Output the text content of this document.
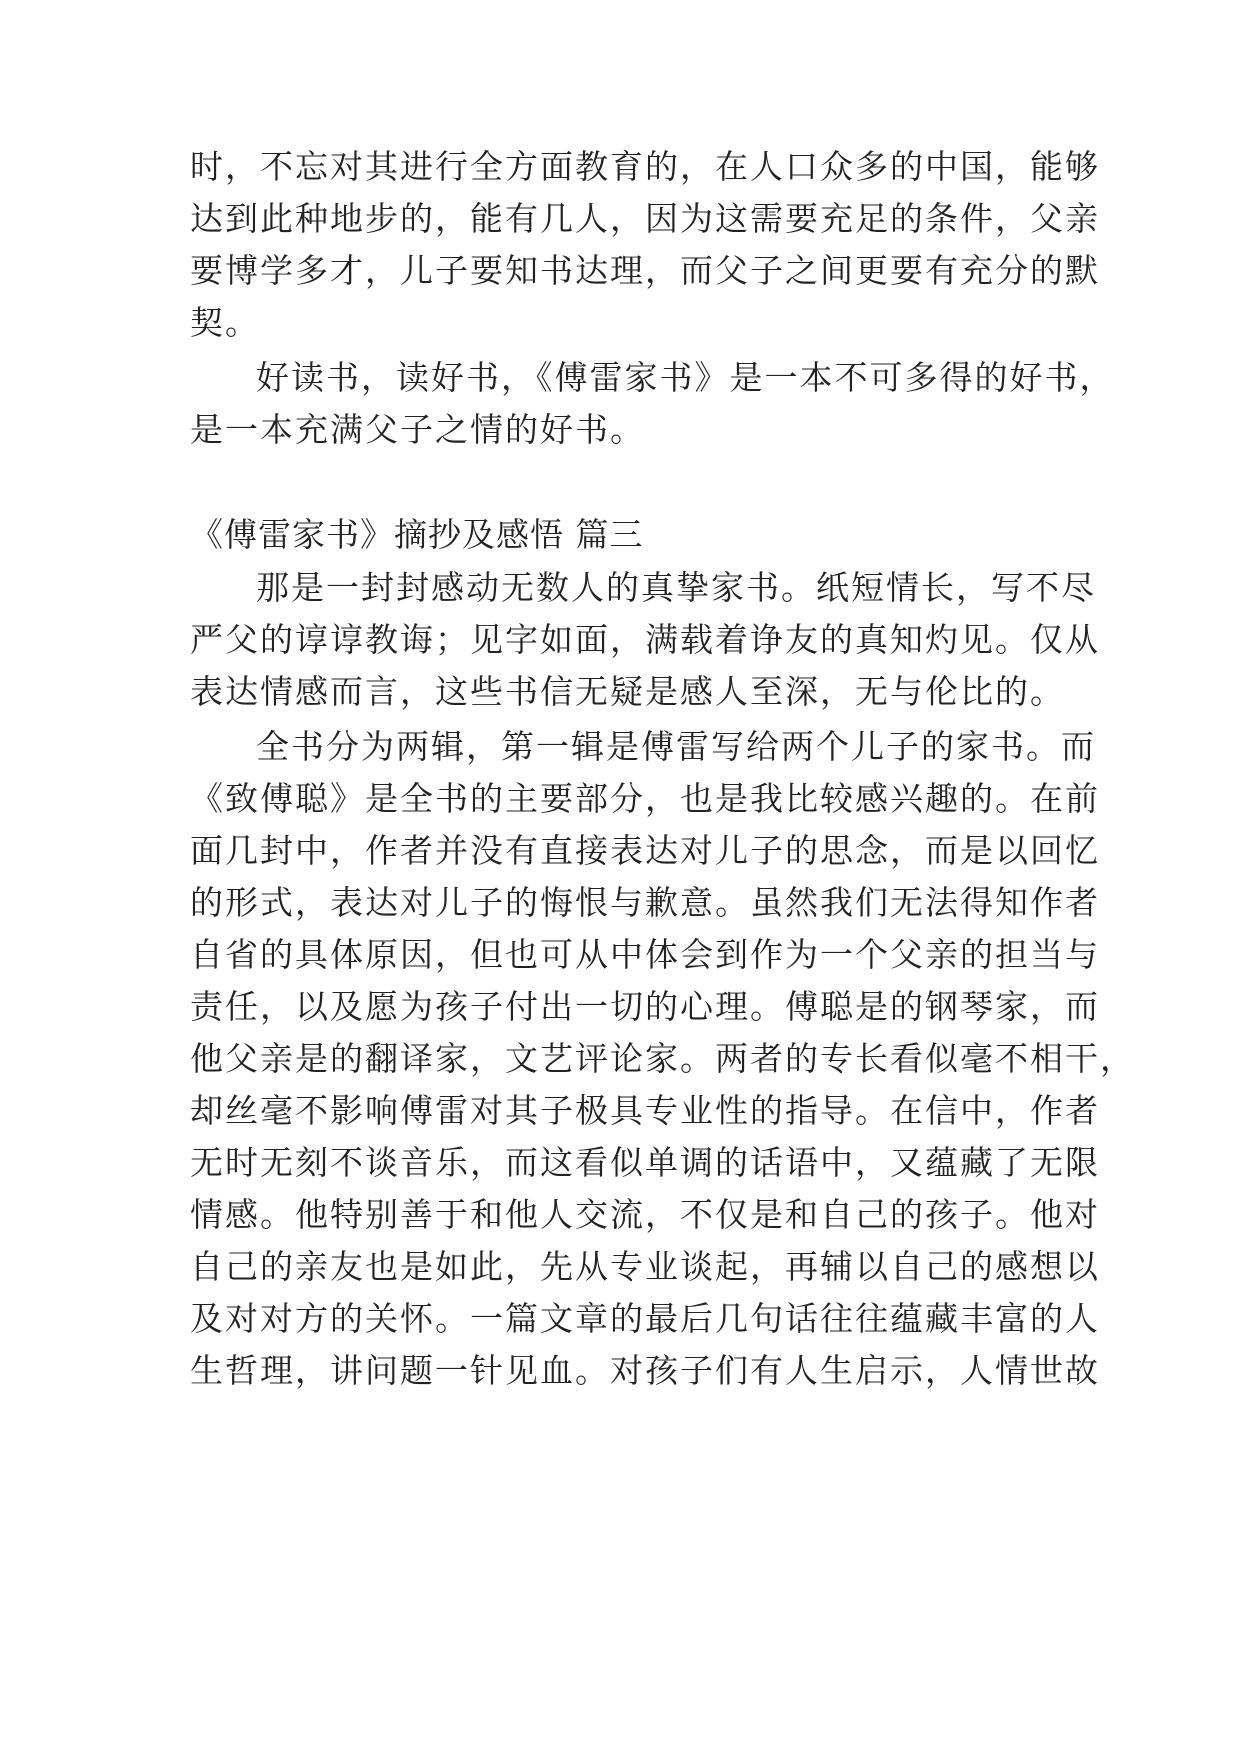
时，不忘对其进行全方面教育的，在人口众多的中国，能够
达到此种地步的，能有几人，因为这需要充足的条件，父亲
要博学多才，儿子要知书达理，而父子之间更要有充分的默
契。
好读书，读好书，《傅雷家书》是一本不可多得的好书，
是一本充满父子之情的好书。
《傅雷家书》摘抄及感悟 篇三
那是一封封感动无数人的真挚家书。纸短情长，写不尽
严父的谆谆教诲；见字如面，满载着诤友的真知灼见。仅从
表达情感而言，这些书信无疑是感人至深，无与伦比的。
全书分为两辑，第一辑是傅雷写给两个儿子的家书。而
《致傅聪》是全书的主要部分，也是我比较感兴趣的。在前
面几封中，作者并没有直接表达对儿子的思念，而是以回忆
的形式，表达对儿子的悔恨与歉意。虽然我们无法得知作者
自省的具体原因，但也可从中体会到作为一个父亲的担当与
责任，以及愿为孩子付出一切的心理。傅聪是的钢琴家，而
他父亲是的翻译家，文艺评论家。两者的专长看似毫不相干，
却丝毫不影响傅雷对其子极具专业性的指导。在信中，作者
无时无刻不谈音乐，而这看似单调的话语中，又蕴藏了无限
情感。他特别善于和他人交流，不仅是和自己的孩子。他对
自己的亲友也是如此，先从专业谈起，再辅以自己的感想以
及对对方的关怀。一篇文章的最后几句话往往蕴藏丰富的人
生哲理，讲问题一针见血。对孩子们有人生启示，人情世故
